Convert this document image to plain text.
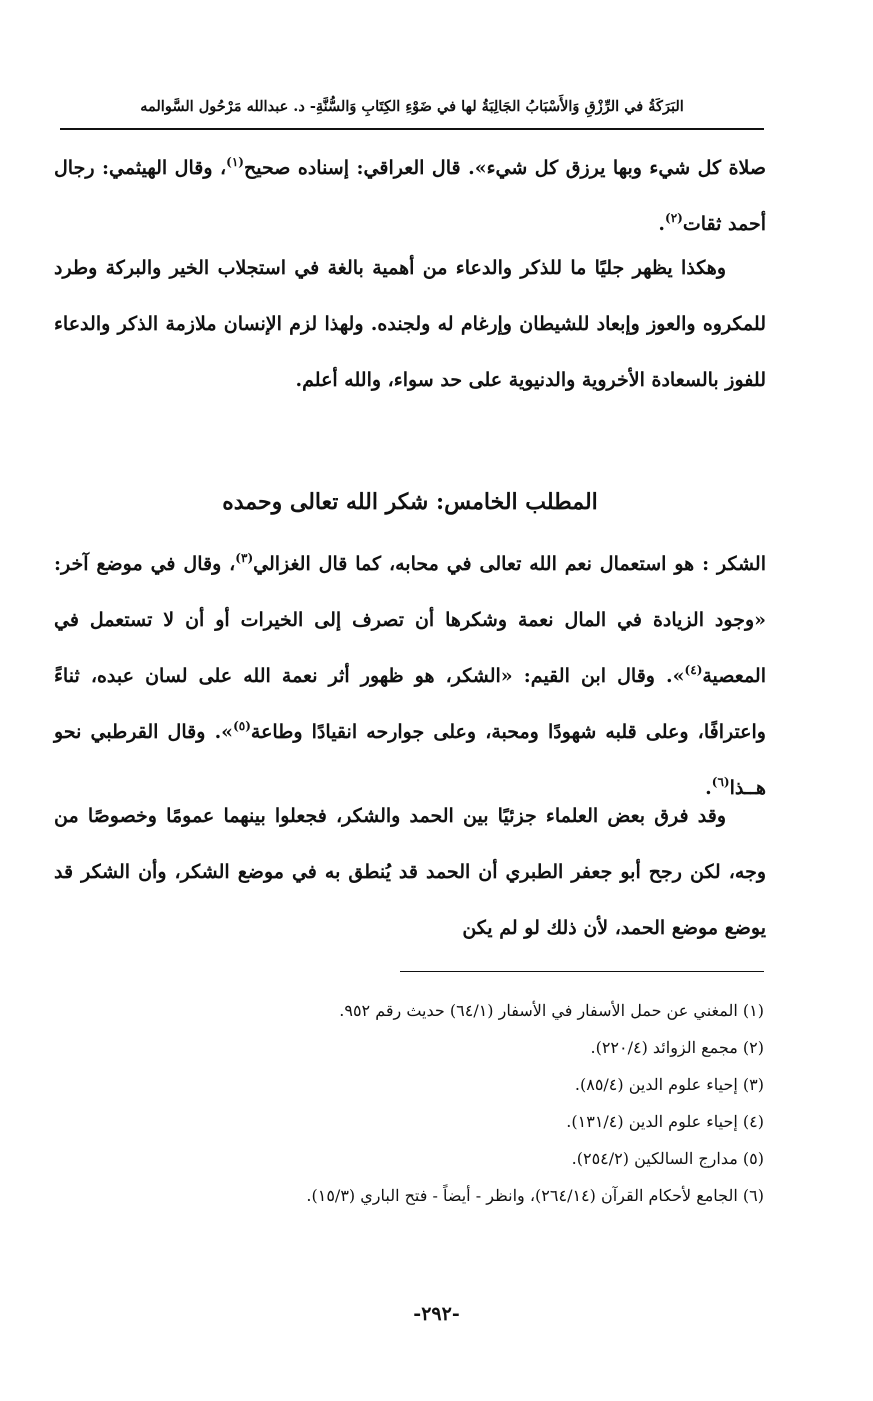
البَرَكَةُ في الرِّزْقِ وَالأَسْبَابُ الجَالِبَةُ لها في ضَوْءِ الكِتَابِ وَالسُّنَّةِ- د. عبدالله مَرْحُول السَّوالمه

صلاة كل شيء وبها يرزق كل شيء». قال العراقي: إسناده صحيح$^{(١)}$، وقال الهيثمي: رجال أحمد ثقات$^{(٢)}$.

وهكذا يظهر جليًا ما للذكر والدعاء من أهمية بالغة في استجلاب الخير والبركة وطرد للمكروه والعوز وإبعاد للشيطان وإرغام له ولجنده. ولهذا لزم الإنسان ملازمة الذكر والدعاء للفوز بالسعادة الأخروية والدنيوية على حد سواء، والله أعلم.

المطلب الخامس: شكر الله تعالى وحمده

الشكر : هو استعمال نعم الله تعالى في محابه، كما قال الغزالي$^{(٣)}$، وقال في موضع آخر: «وجود الزيادة في المال نعمة وشكرها أن تصرف إلى الخيرات أو أن لا تستعمل في المعصية$^{(٤)}$». وقال ابن القيم: «الشكر، هو ظهور أثر نعمة الله على لسان عبده، ثناءً واعترافًا، وعلى قلبه شهودًا ومحبة، وعلى جوارحه انقيادًا وطاعة$^{(٥)}$». وقال القرطبي نحو هــذا$^{(٦)}$.

وقد فرق بعض العلماء جزئيًا بين الحمد والشكر، فجعلوا بينهما عمومًا وخصوصًا من وجه، لكن رجح أبو جعفر الطبري أن الحمد قد يُنطق به في موضع الشكر، وأن الشكر قد يوضع موضع الحمد، لأن ذلك لو لم يكن

(١) المغني عن حمل الأسفار في الأسفار (٦٤/١) حديث رقم ٩٥٢.
(٢) مجمع الزوائد (٢٢٠/٤).
(٣) إحياء علوم الدين (٨٥/٤).
(٤) إحياء علوم الدين (١٣١/٤).
(٥) مدارج السالكين (٢٥٤/٢).
(٦) الجامع لأحكام القرآن (٢٦٤/١٤)، وانظر - أيضاً - فتح الباري (١٥/٣).
-٢٩٢-
